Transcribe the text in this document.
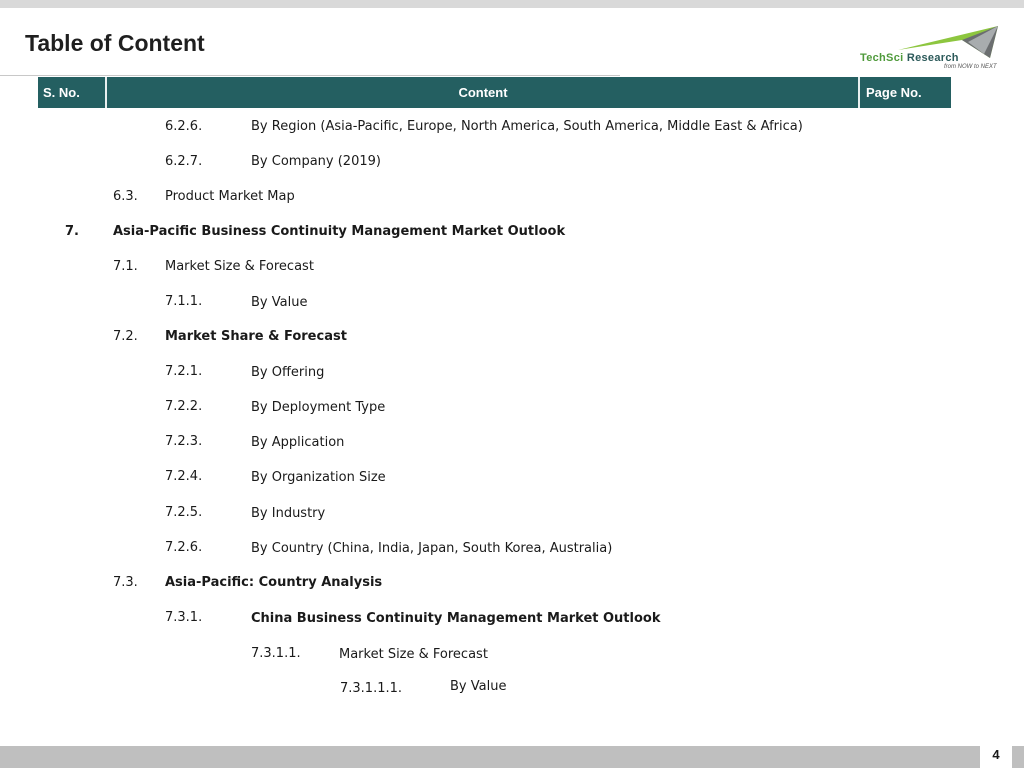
Table of Content
TechSci Research
from NOW to NEXT
S. No.	Content	Page No.
6.2.6.	By Region (Asia-Pacific, Europe, North America, South America, Middle East & Africa)
6.2.7.	By Company (2019)
6.3. Product Market Map
7.	Asia-Pacific Business Continuity Management Market Outlook
7.1. Market Size & Forecast
7.1.1.	By Value
7.2. Market Share & Forecast
7.2.1.	By Offering
7.2.2.	By Deployment Type
7.2.3.	By Application
7.2.4.	By Organization Size
7.2.5.	By Industry
7.2.6.	By Country (China, India, Japan, South Korea, Australia)
7.3. Asia-Pacific: Country Analysis
7.3.1.	China Business Continuity Management Market Outlook
7.3.1.1.	Market Size & Forecast
7.3.1.1.1.	By Value
4
